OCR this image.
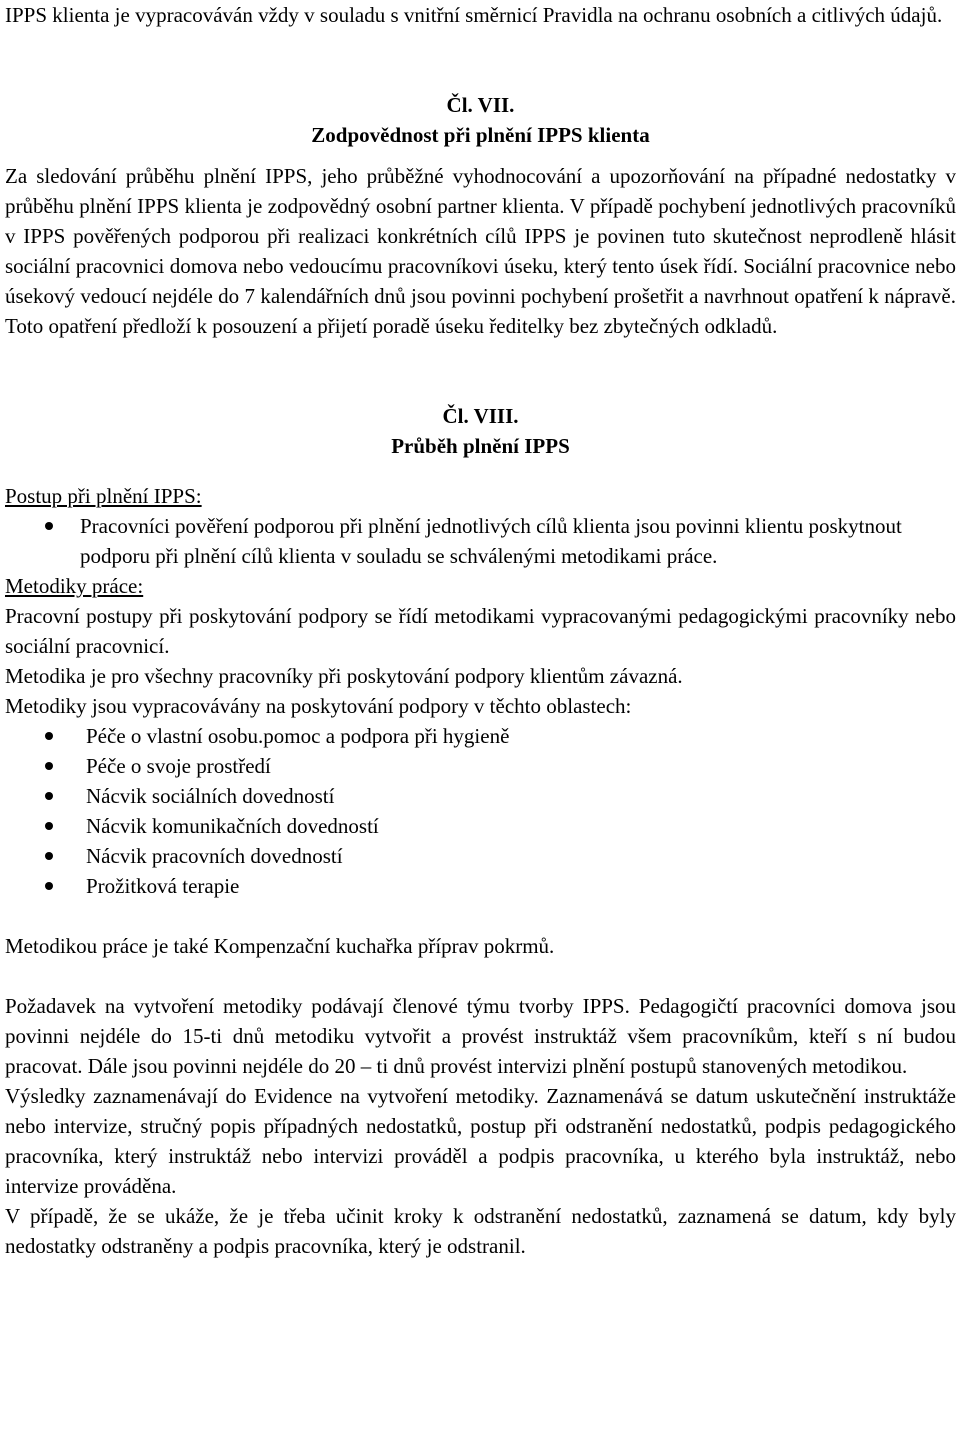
IPPS klienta je vypracováván vždy v souladu s vnitřní směrnicí Pravidla na ochranu osobních a citlivých údajů.

Čl. VII.

Zodpovědnost při plnění IPPS klienta

Za sledování průběhu plnění IPPS, jeho průběžné vyhodnocování a upozorňování na případné nedostatky v průběhu plnění IPPS klienta je zodpovědný osobní partner klienta. V případě pochybení jednotlivých pracovníků v IPPS pověřených podporou při realizaci konkrétních cílů IPPS je povinen tuto skutečnost neprodleně hlásit sociální pracovnici domova nebo vedoucímu pracovníkovi úseku, který tento úsek řídí. Sociální pracovnice nebo úsekový vedoucí nejdéle do 7 kalendářních dnů jsou povinni pochybení prošetřit a navrhnout opatření k nápravě. Toto opatření předloží k posouzení a přijetí poradě úseku ředitelky bez zbytečných odkladů.

Čl. VIII.

Průběh plnění IPPS

Postup při plnění IPPS:

Pracovníci pověření podporou při plnění jednotlivých cílů klienta jsou povinni klientu poskytnout podporu při plnění cílů klienta v souladu se schválenými metodikami práce.

Metodiky práce:

Pracovní postupy při poskytování podpory se řídí metodikami vypracovanými pedagogickými pracovníky nebo sociální pracovnicí.

Metodika je pro všechny pracovníky při poskytování podpory klientům závazná.

Metodiky jsou vypracovávány na poskytování podpory v těchto oblastech:

Péče o vlastní osobu.pomoc a podpora při hygieně
Péče o svoje prostředí
Nácvik sociálních dovedností
Nácvik komunikačních dovedností
Nácvik pracovních dovedností
Prožitková terapie

Metodikou práce je také Kompenzační kuchařka příprav pokrmů.

Požadavek na vytvoření metodiky podávají členové týmu tvorby IPPS. Pedagogičtí pracovníci domova jsou povinni nejdéle do 15-ti dnů metodiku vytvořit a provést instruktáž všem pracovníkům, kteří s ní budou pracovat. Dále jsou povinni nejdéle do 20 – ti dnů provést intervizi plnění postupů stanovených metodikou.

Výsledky zaznamenávají do Evidence na vytvoření metodiky. Zaznamenává se datum uskutečnění instruktáže nebo intervize, stručný popis případných nedostatků, postup při odstranění nedostatků, podpis pedagogického pracovníka, který instruktáž nebo intervizi prováděl a podpis pracovníka, u kterého byla instruktáž, nebo intervize prováděna.

V případě, že se ukáže, že je třeba učinit kroky k odstranění nedostatků, zaznamená se datum, kdy byly nedostatky odstraněny a podpis pracovníka, který je odstranil.
